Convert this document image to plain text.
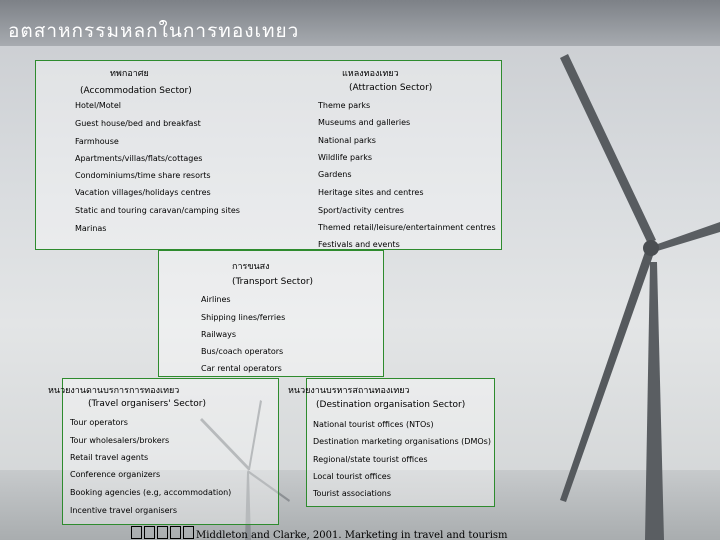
อตสาหกรรมหลกในการทองเทยว
ทพกอาศย
(Accommodation Sector)
แหลงทองเทยว
(Attraction Sector)
Hotel/Motel
Guest house/bed and breakfast
Farmhouse
Apartments/villas/flats/cottages
Condominiums/time share resorts
Vacation villages/holidays centres
Static and touring caravan/camping sites
Marinas
Theme parks
Museums and galleries
National parks
Wildlife parks
Gardens
Heritage sites and centres
Sport/activity centres
Themed retail/leisure/entertainment centres
Festivals and events
การขนสง
(Transport Sector)
Airlines
Shipping lines/ferries
Railways
Bus/coach operators
Car rental operators
หนวยงานดานบรการการทองเทยว
(Travel organisers' Sector)
Tour operators
Tour wholesalers/brokers
Retail travel agents
Conference organizers
Booking agencies (e.g, accommodation)
Incentive travel organisers
หนวยงานบรหารสถานทองเทยว
(Destination organisation Sector)
National tourist offices (NTOs)
Destination marketing organisations (DMOs)
Regional/state tourist offices
Local tourist offices
Tourist associations
Middleton and Clarke, 2001. Marketing in travel and tourism
